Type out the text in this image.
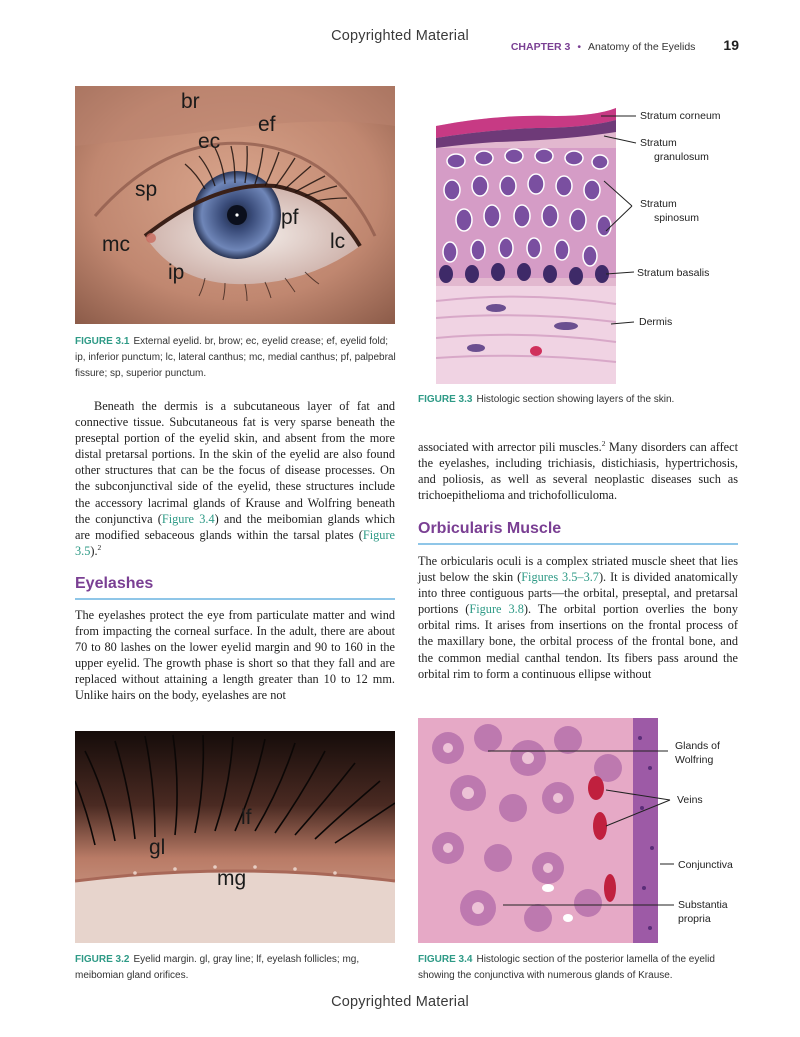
Copyrighted Material
Copyrighted Material
CHAPTER 3 • Anatomy of the Eyelids 19
br
ef
ec
sp
pf
lc
mc
ip
FIGURE 3.1 External eyelid. br, brow; ec, eyelid crease; ef, eyelid fold; ip, inferior punctum; lc, lateral canthus; mc, medial canthus; pf, palpebral fissure; sp, superior punctum.
Stratum corneum
Stratum
granulosum
Stratum
spinosum
Stratum basalis
Dermis
FIGURE 3.3 Histologic section showing layers of the skin.

Beneath the dermis is a subcutaneous layer of fat and connective tissue. Subcutaneous fat is very sparse beneath the preseptal portion of the eyelid skin, and absent from the more distal pretarsal portions. In the skin of the eyelid are also found other structures that can be the focus of disease processes. On the subconjunctival side of the eyelid, these structures include the accessory lacrimal glands of Krause and Wolfring beneath the conjunctiva (Figure 3.4) and the meibomian glands which are modified sebaceous glands within the tarsal plates (Figure 3.5).$^2$

Eyelashes

The eyelashes protect the eye from particulate matter and wind from impacting the corneal surface. In the adult, there are about 70 to 80 lashes on the lower eyelid margin and 90 to 160 in the upper eyelid. The growth phase is short so that they fall and are replaced without attaining a length greater than 10 to 12 mm. Unlike hairs on the body, eyelashes are not

associated with arrector pili muscles.$^2$ Many disorders can affect the eyelashes, including trichiasis, distichiasis, hypertrichosis, and poliosis, as well as several neoplastic diseases such as trichoepithelioma and trichofolliculoma.

Orbicularis Muscle

The orbicularis oculi is a complex striated muscle sheet that lies just below the skin (Figures 3.5–3.7). It is divided anatomically into three contiguous parts—the orbital, preseptal, and pretarsal portions (Figure 3.8). The orbital portion overlies the bony orbital rims. It arises from insertions on the frontal process of the maxillary bone, the orbital process of the frontal bone, and the common medial canthal tendon. Its fibers pass around the orbital rim to form a continuous ellipse without

lf
gl
mg
FIGURE 3.2 Eyelid margin. gl, gray line; lf, eyelash follicles; mg, meibomian gland orifices.
Glands of
Wolfring
Veins
Conjunctiva
Substantia
propria
FIGURE 3.4 Histologic section of the posterior lamella of the eyelid showing the conjunctiva with numerous glands of Krause.
